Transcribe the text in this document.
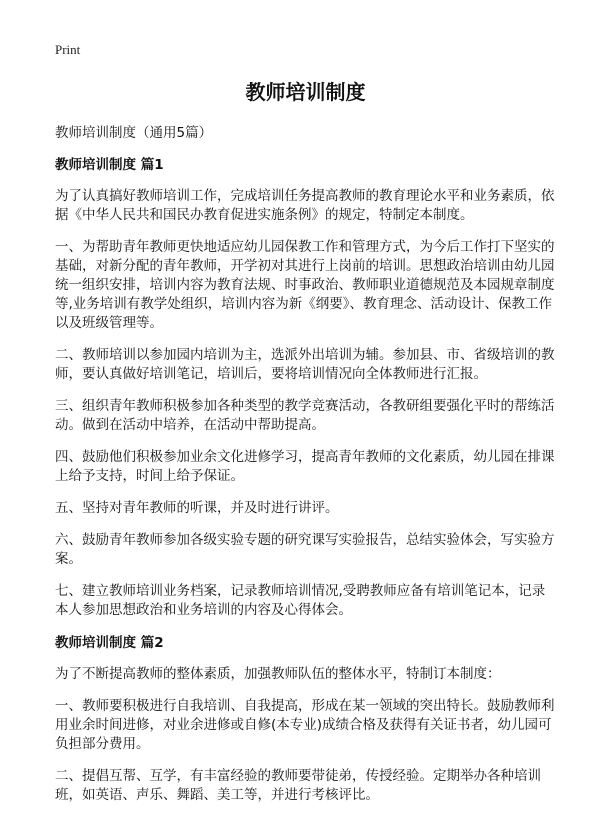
Print
教师培训制度
教师培训制度（通用5篇）
教师培训制度 篇1
为了认真搞好教师培训工作，完成培训任务提高教师的教育理论水平和业务素质，依据《中华人民共和国民办教育促进实施条例》的规定，特制定本制度。
一、为帮助青年教师更快地适应幼儿园保教工作和管理方式，为今后工作打下坚实的基础，对新分配的青年教师，开学初对其进行上岗前的培训。思想政治培训由幼儿园统一组织安排，培训内容为教育法规、时事政治、教师职业道德规范及本园规章制度等,业务培训有教学处组织，培训内容为新《纲要》、教育理念、活动设计、保教工作以及班级管理等。
二、教师培训以参加园内培训为主，选派外出培训为辅。参加县、市、省级培训的教师，要认真做好培训笔记，培训后，要将培训情况向全体教师进行汇报。
三、组织青年教师积极参加各种类型的教学竞赛活动，各教研组要强化平时的帮练活动。做到在活动中培养，在活动中帮助提高。
四、鼓励他们积极参加业余文化进修学习，提高青年教师的文化素质，幼儿园在排课上给予支持，时间上给予保证。
五、坚持对青年教师的听课，并及时进行讲评。
六、鼓励青年教师参加各级实验专题的研究课写实验报告，总结实验体会，写实验方案。
七、建立教师培训业务档案，记录教师培训情况,受聘教师应备有培训笔记本，记录本人参加思想政治和业务培训的内容及心得体会。
教师培训制度 篇2
为了不断提高教师的整体素质，加强教师队伍的整体水平，特制订本制度：
一、教师要积极进行自我培训、自我提高，形成在某一领域的突出特长。鼓励教师利用业余时间进修，对业余进修或自修(本专业)成绩合格及获得有关证书者，幼儿园可负担部分费用。
二、提倡互帮、互学，有丰富经验的教师要带徒弟，传授经验。定期举办各种培训班，如英语、声乐、舞蹈、美工等，并进行考核评比。
